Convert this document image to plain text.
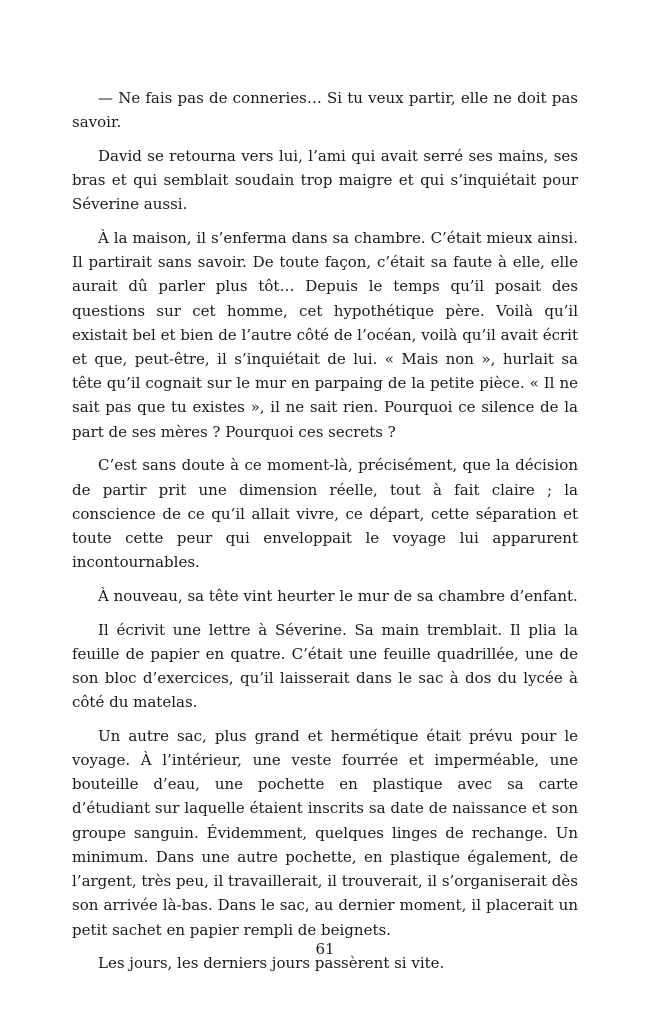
— Ne fais pas de conneries… Si tu veux partir, elle ne doit pas savoir.

David se retourna vers lui, l’ami qui avait serré ses mains, ses bras et qui semblait soudain trop maigre et qui s’inquiétait pour Séverine aussi.

À la maison, il s’enferma dans sa chambre. C’était mieux ainsi. Il partirait sans savoir. De toute façon, c’était sa faute à elle, elle aurait dû parler plus tôt… Depuis le temps qu’il posait des questions sur cet homme, cet hypothétique père. Voilà qu’il existait bel et bien de l’autre côté de l’océan, voilà qu’il avait écrit et que, peut-être, il s’inquiétait de lui. « Mais non », hurlait sa tête qu’il cognait sur le mur en parpaing de la petite pièce. « Il ne sait pas que tu existes », il ne sait rien. Pourquoi ce silence de la part de ses mères ? Pourquoi ces secrets ?

C’est sans doute à ce moment-là, précisément, que la décision de partir prit une dimension réelle, tout à fait claire ; la conscience de ce qu’il allait vivre, ce départ, cette séparation et toute cette peur qui enveloppait le voyage lui apparurent incontournables.

À nouveau, sa tête vint heurter le mur de sa chambre d’enfant.

Il écrivit une lettre à Séverine. Sa main tremblait. Il plia la feuille de papier en quatre. C’était une feuille quadrillée, une de son bloc d’exercices, qu’il laisserait dans le sac à dos du lycée à côté du matelas.

Un autre sac, plus grand et hermétique était prévu pour le voyage. À l’intérieur, une veste fourrée et imperméable, une bouteille d’eau, une pochette en plastique avec sa carte d’étudiant sur laquelle étaient inscrits sa date de naissance et son groupe sanguin. Évidemment, quelques linges de rechange. Un minimum. Dans une autre pochette, en plastique également, de l’argent, très peu, il travaillerait, il trouverait, il s’organiserait dès son arrivée là-bas. Dans le sac, au dernier moment, il placerait un petit sachet en papier rempli de beignets.

Les jours, les derniers jours passèrent si vite.

61
